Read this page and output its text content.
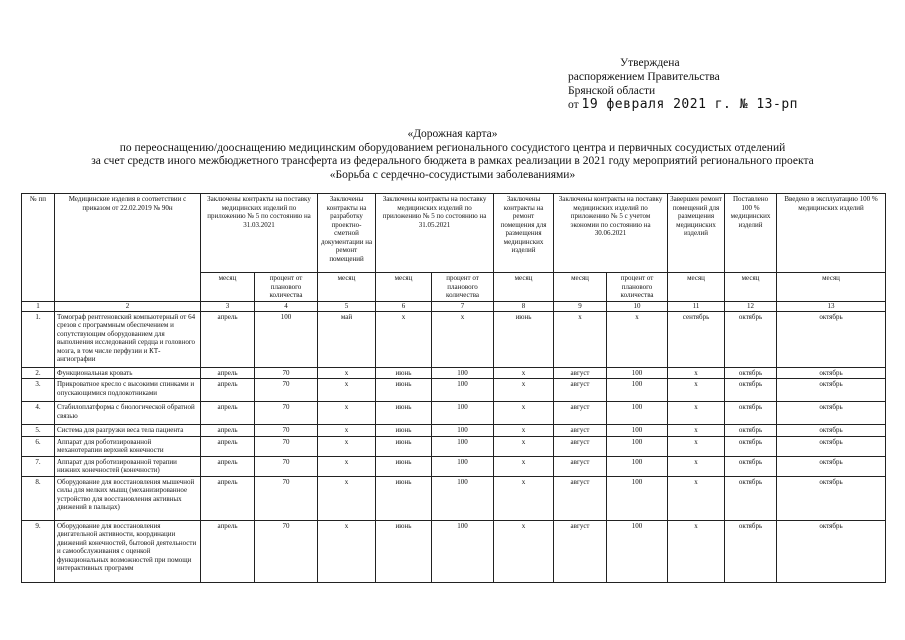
Утверждена
распоряжением Правительства
Брянской области
от 19 февраля 2021 г. № 13-рп
«Дорожная карта»
по переоснащению/дооснащению медицинским оборудованием регионального сосудистого центра и первичных сосудистых отделений
за счет средств иного межбюджетного трансферта из федерального бюджета в рамках реализации в 2021 году мероприятий регионального проекта
«Борьба с сердечно-сосудистыми заболеваниями»
№ пп	Медицинские изделия в соответствии с приказом от 22.02.2019 № 90н	Заключены контракты на поставку медицинских изделий по приложению № 5 по состоянию на 31.03.2021		Заключены контракты на разработку проектно-сметной документации на ремонт помещений	Заключены контракты на поставку медицинских изделий по приложению № 5 по состоянию на 31.05.2021		Заключены контракты на ремонт помещения для размещения медицинских изделий	Заключены контракты на поставку медицинских изделий по приложению № 5 с учетом экономии по состоянию на 30.06.2021		Завершен ремонт помещений для размещения медицинских изделий	Поставлено 100 % медицинских изделий	Введено в эксплуатацию 100 % медицинских изделий
		месяц	процент от планового количества	месяц	месяц	процент от планового количества	месяц	месяц	процент от планового количества	месяц	месяц	месяц
1	2	3	4	5	6	7	8	9	10	11	12	13
1.	Томограф рентгеновский компьютерный от 64 срезов с программным обеспечением и сопутствующим оборудованием для выполнения исследований сердца и головного мозга, в том числе перфузии и КТ-ангиографии	апрель	100	май	х	х	июнь	х	х	сентябрь	октябрь	октябрь
2.	Функциональная кровать	апрель	70	х	июнь	100	х	август	100	х	октябрь	октябрь
3.	Прикроватное кресло с высокими спинками и опускающимися подлокотниками	апрель	70	х	июнь	100	х	август	100	х	октябрь	октябрь
4.	Стабилоплатформа с биологической обратной связью	апрель	70	х	июнь	100	х	август	100	х	октябрь	октябрь
5.	Система для разгрузки веса тела пациента	апрель	70	х	июнь	100	х	август	100	х	октябрь	октябрь
6.	Аппарат для роботизированной механотерапии верхней конечности	апрель	70	х	июнь	100	х	август	100	х	октябрь	октябрь
7.	Аппарат для роботизированной терапии нижних конечностей (конечности)	апрель	70	х	июнь	100	х	август	100	х	октябрь	октябрь
8.	Оборудование для восстановления мышечной силы для мелких мышц (механизированное устройство для восстановления активных движений в пальцах)	апрель	70	х	июнь	100	х	август	100	х	октябрь	октябрь
9.	Оборудование для восстановления двигательной активности, координации движений конечностей, бытовой деятельности и самообслуживания с оценкой функциональных возможностей при помощи интерактивных программ	апрель	70	х	июнь	100	х	август	100	х	октябрь	октябрь
